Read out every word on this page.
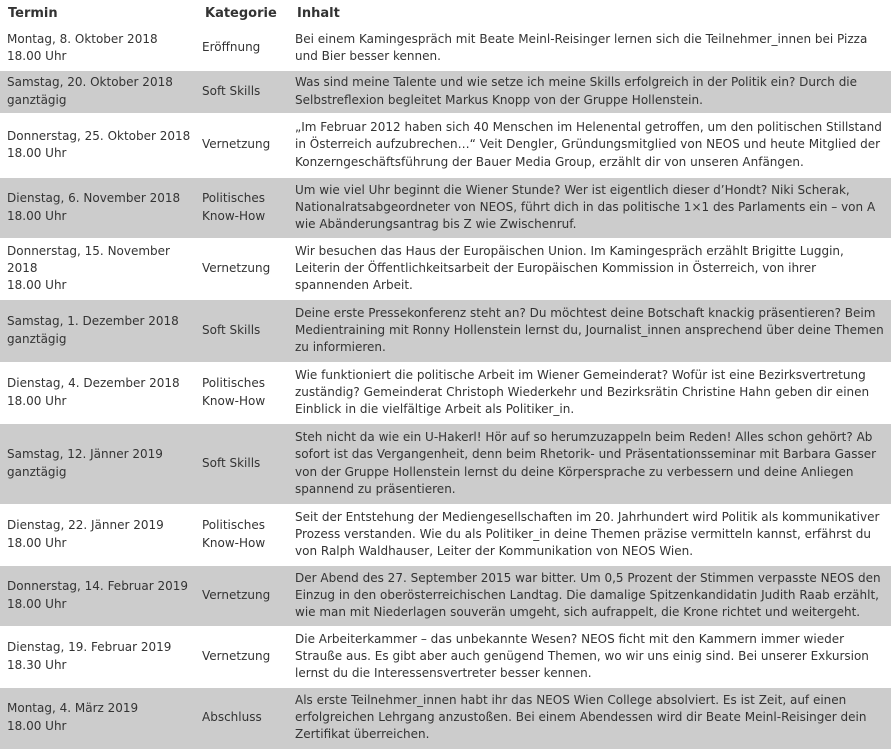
Termin	Kategorie	Inhalt

Montag, 8. Oktober 2018
18.00 Uhr	Eröffnung	Bei einem Kamingespräch mit Beate Meinl-Reisinger lernen sich die Teilnehmer_innen bei Pizza und Bier besser kennen.

Samstag, 20. Oktober 2018
ganztägig	Soft Skills	Was sind meine Talente und wie setze ich meine Skills erfolgreich in der Politik ein? Durch die Selbstreflexion begleitet Markus Knopp von der Gruppe Hollenstein.

Donnerstag, 25. Oktober 2018
18.00 Uhr	Vernetzung	„Im Februar 2012 haben sich 40 Menschen im Helenental getroffen, um den politischen Stillstand in Österreich aufzubrechen…“ Veit Dengler, Gründungsmitglied von NEOS und heute Mitglied der Konzerngeschäftsführung der Bauer Media Group, erzählt dir von unseren Anfängen.

Dienstag, 6. November 2018
18.00 Uhr	Politisches Know-How	Um wie viel Uhr beginnt die Wiener Stunde? Wer ist eigentlich dieser d’Hondt? Niki Scherak, Nationalratsabgeordneter von NEOS, führt dich in das politische 1×1 des Parlaments ein – von A wie Abänderungsantrag bis Z wie Zwischenruf.

Donnerstag, 15. November 2018
18.00 Uhr	Vernetzung	Wir besuchen das Haus der Europäischen Union. Im Kamingespräch erzählt Brigitte Luggin, Leiterin der Öffentlichkeitsarbeit der Europäischen Kommission in Österreich, von ihrer spannenden Arbeit.

Samstag, 1. Dezember 2018
ganztägig	Soft Skills	Deine erste Pressekonferenz steht an? Du möchtest deine Botschaft knackig präsentieren? Beim Medientraining mit Ronny Hollenstein lernst du, Journalist_innen ansprechend über deine Themen zu informieren.

Dienstag, 4. Dezember 2018
18.00 Uhr	Politisches Know-How	Wie funktioniert die politische Arbeit im Wiener Gemeinderat? Wofür ist eine Bezirksvertretung zuständig? Gemeinderat Christoph Wiederkehr und Bezirksrätin Christine Hahn geben dir einen Einblick in die vielfältige Arbeit als Politiker_in.

Samstag, 12. Jänner 2019
ganztägig	Soft Skills	Steh nicht da wie ein U-Hakerl! Hör auf so herumzuzappeln beim Reden! Alles schon gehört? Ab sofort ist das Vergangenheit, denn beim Rhetorik- und Präsentationsseminar mit Barbara Gasser von der Gruppe Hollenstein lernst du deine Körpersprache zu verbessern und deine Anliegen spannend zu präsentieren.

Dienstag, 22. Jänner 2019
18.00 Uhr	Politisches Know-How	Seit der Entstehung der Mediengesellschaften im 20. Jahrhundert wird Politik als kommunikativer Prozess verstanden. Wie du als Politiker_in deine Themen präzise vermitteln kannst, erfährst du von Ralph Waldhauser, Leiter der Kommunikation von NEOS Wien.

Donnerstag, 14. Februar 2019
18.00 Uhr	Vernetzung	Der Abend des 27. September 2015 war bitter. Um 0,5 Prozent der Stimmen verpasste NEOS den Einzug in den oberösterreichischen Landtag. Die damalige Spitzenkandidatin Judith Raab erzählt, wie man mit Niederlagen souverän umgeht, sich aufrappelt, die Krone richtet und weitergeht.

Dienstag, 19. Februar 2019
18.30 Uhr	Vernetzung	Die Arbeiterkammer – das unbekannte Wesen? NEOS ficht mit den Kammern immer wieder Strauße aus. Es gibt aber auch genügend Themen, wo wir uns einig sind. Bei unserer Exkursion lernst du die Interessensvertreter besser kennen.

Montag, 4. März 2019
18.00 Uhr	Abschluss	Als erste Teilnehmer_innen habt ihr das NEOS Wien College absolviert. Es ist Zeit, auf einen erfolgreichen Lehrgang anzustoßen. Bei einem Abendessen wird dir Beate Meinl-Reisinger dein Zertifikat überreichen.
